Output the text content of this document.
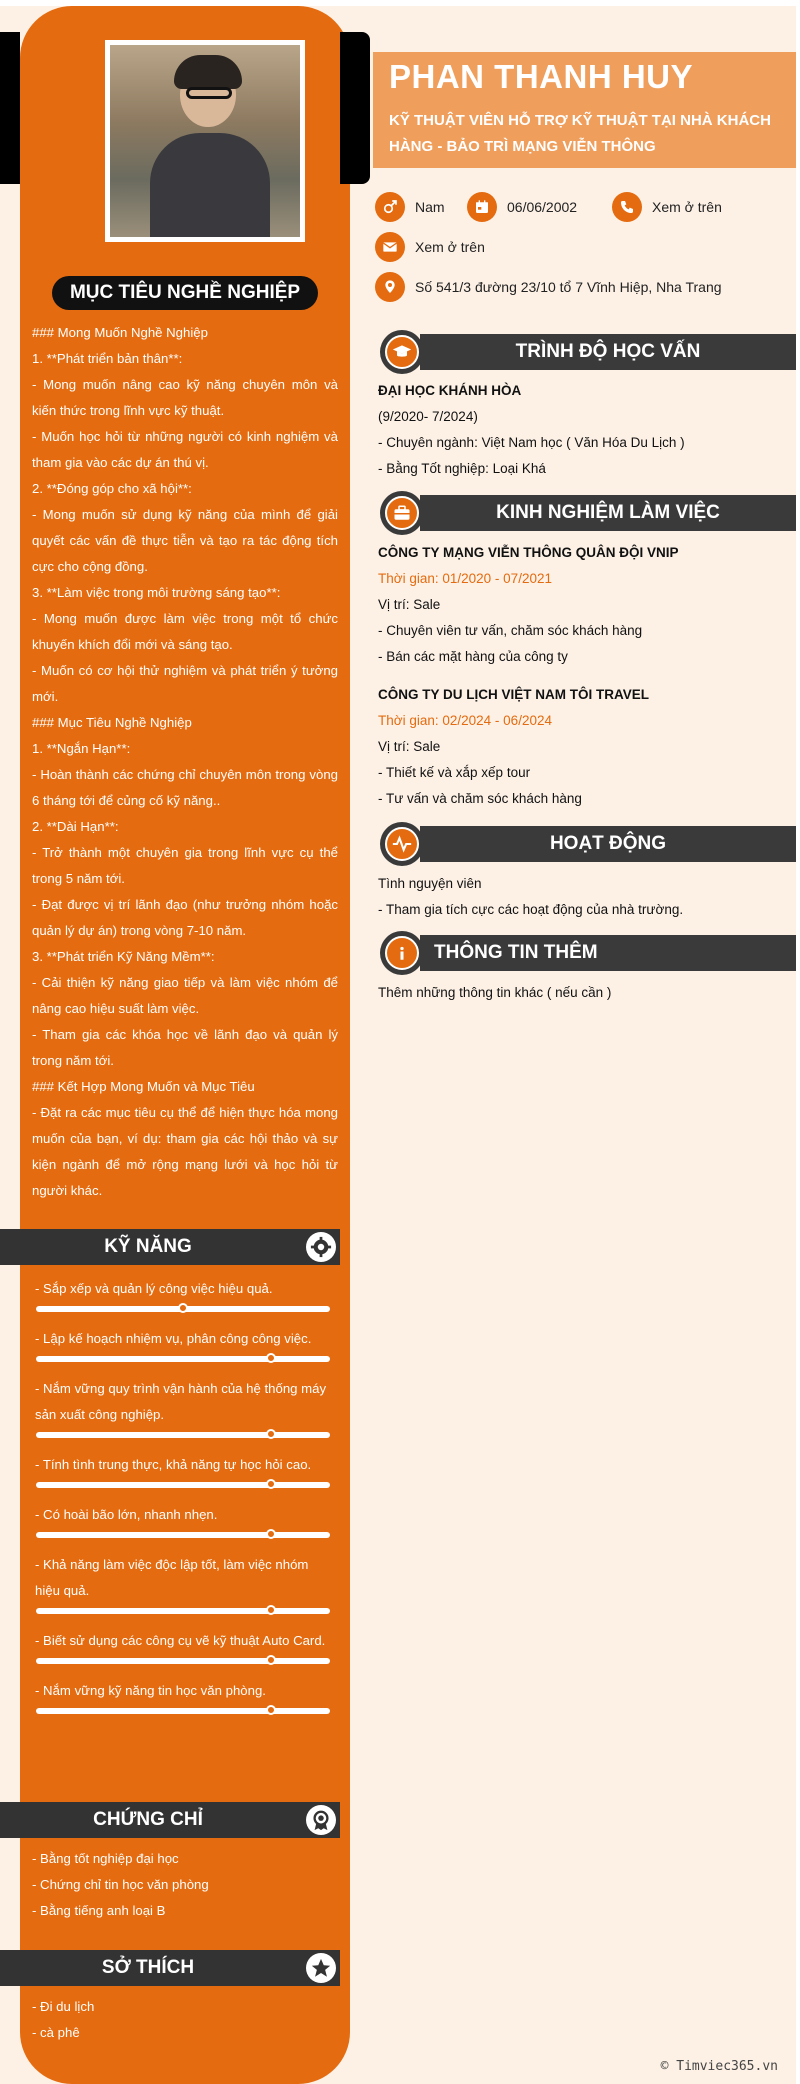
MỤC TIÊU NGHỀ NGHIỆP

### Mong Muốn Nghề Nghiệp

1. **Phát triển bản thân**:

- Mong muốn nâng cao kỹ năng chuyên môn và kiến thức trong lĩnh vực kỹ thuật.

- Muốn học hỏi từ những người có kinh nghiệm và tham gia vào các dự án thú vị.

2. **Đóng góp cho xã hội**:

- Mong muốn sử dụng kỹ năng của mình để giải quyết các vấn đề thực tiễn và tạo ra tác động tích cực cho cộng đồng.

3. **Làm việc trong môi trường sáng tạo**:

- Mong muốn được làm việc trong một tổ chức khuyến khích đổi mới và sáng tạo.

- Muốn có cơ hội thử nghiệm và phát triển ý tưởng mới.

### Mục Tiêu Nghề Nghiệp

1. **Ngắn Hạn**:

- Hoàn thành các chứng chỉ chuyên môn trong vòng 6 tháng tới để củng cố kỹ năng..

2. **Dài Hạn**:

- Trở thành một chuyên gia trong lĩnh vực cụ thể trong 5 năm tới.

- Đạt được vị trí lãnh đạo (như trưởng nhóm hoặc quản lý dự án) trong vòng 7-10 năm.

3. **Phát triển Kỹ Năng Mềm**:

- Cải thiện kỹ năng giao tiếp và làm việc nhóm để nâng cao hiệu suất làm việc.

- Tham gia các khóa học về lãnh đạo và quản lý trong năm tới.

### Kết Hợp Mong Muốn và Mục Tiêu

- Đặt ra các mục tiêu cụ thể để hiện thực hóa mong muốn của bạn, ví dụ: tham gia các hội thảo và sự kiện ngành để mở rộng mạng lưới và học hỏi từ người khác.

KỸ NĂNG
- Sắp xếp và quản lý công việc hiệu quả.
- Lập kế hoạch nhiệm vụ, phân công công việc.
- Nắm vững quy trình vận hành của hệ thống máy sản xuất công nghiệp.
- Tính tình trung thực, khả năng tự học hỏi cao.
- Có hoài bão lớn, nhanh nhẹn.
- Khả năng làm việc độc lập tốt, làm việc nhóm hiệu quả.
- Biết sử dụng các công cụ vẽ kỹ thuật Auto Card.
- Nắm vững kỹ năng tin học văn phòng.
CHỨNG CHỈ
- Bằng tốt nghiệp đại học
- Chứng chỉ tin học văn phòng
- Bằng tiếng anh loại B
SỞ THÍCH
- Đi du lịch
- cà phê
PHAN THANH HUY
KỸ THUẬT VIÊN HỖ TRỢ KỸ THUẬT TẠI NHÀ KHÁCH HÀNG - BẢO TRÌ MẠNG VIỄN THÔNG
Nam	06/06/2002	Xem ở trên
Xem ở trên
Số 541/3 đường 23/10 tổ 7 Vĩnh Hiệp, Nha Trang
TRÌNH ĐỘ HỌC VẤN
ĐẠI HỌC KHÁNH HÒA
(9/2020- 7/2024)
- Chuyên ngành: Việt Nam học ( Văn Hóa Du Lịch )
- Bằng Tốt nghiệp: Loại Khá
KINH NGHIỆM LÀM VIỆC
CÔNG TY MẠNG VIỄN THÔNG QUÂN ĐỘI VNIP
Thời gian: 01/2020 - 07/2021
Vị trí: Sale
- Chuyên viên tư vấn, chăm sóc khách hàng
- Bán các mặt hàng của công ty
CÔNG TY DU LỊCH VIỆT NAM TÔI TRAVEL
Thời gian: 02/2024 - 06/2024
Vị trí: Sale
- Thiết kế và xắp xếp tour
- Tư vấn và chăm sóc khách hàng
HOẠT ĐỘNG
Tình nguyện viên
- Tham gia tích cực các hoạt động của nhà trường.
THÔNG TIN THÊM
Thêm những thông tin khác ( nếu cần )
© Timviec365.vn
